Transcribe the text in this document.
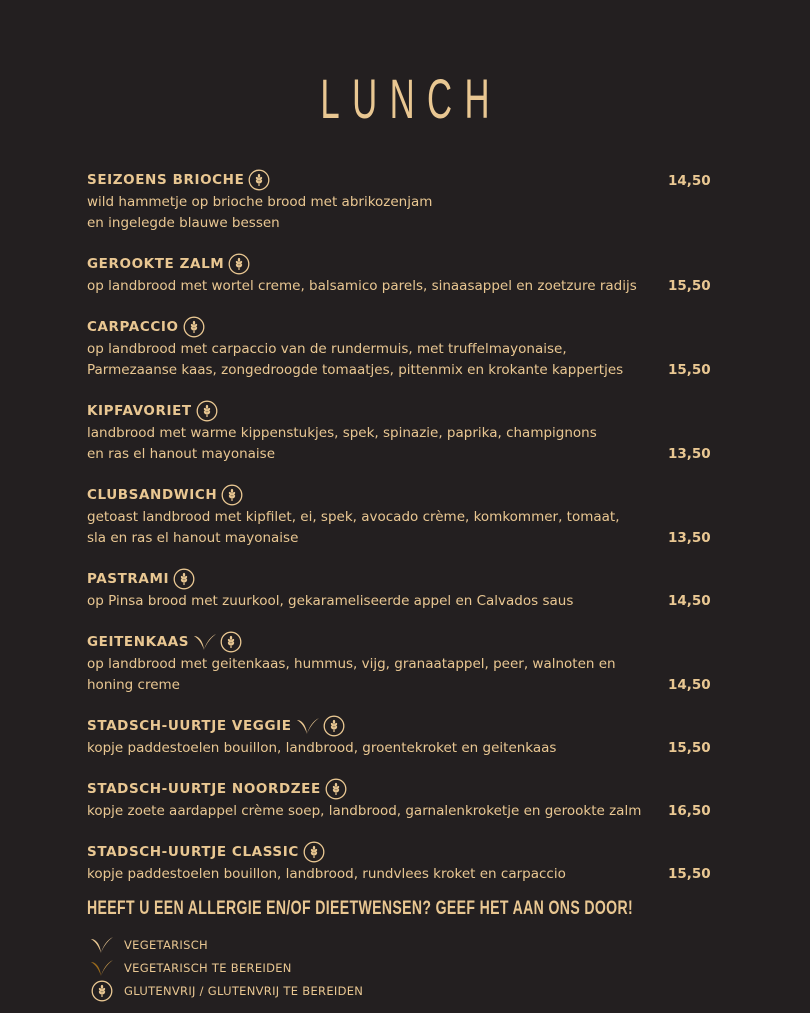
LUNCH
SEIZOENS BRIOCHE
wild hammetje op brioche brood met abrikozenjam
en ingelegde blauwe bessen
14,50
GEROOKTE ZALM
op landbrood met wortel creme, balsamico parels, sinaasappel en zoetzure radijs	15,50
CARPACCIO
op landbrood met carpaccio van de rundermuis, met truffelmayonaise,
Parmezaanse kaas, zongedroogde tomaatjes, pittenmix en krokante kappertjes	15,50
KIPFAVORIET
landbrood met warme kippenstukjes, spek, spinazie, paprika, champignons
en ras el hanout mayonaise	13,50
CLUBSANDWICH
getoast landbrood met kipfilet, ei, spek, avocado crème, komkommer, tomaat,
sla en ras el hanout mayonaise	13,50
PASTRAMI
op Pinsa brood met zuurkool, gekarameliseerde appel en Calvados saus	14,50
GEITENKAAS
op landbrood met geitenkaas, hummus, vijg, granaatappel, peer, walnoten en
honing creme	14,50
STADSCH-UURTJE VEGGIE
kopje paddestoelen bouillon, landbrood, groentekroket en geitenkaas	15,50
STADSCH-UURTJE NOORDZEE
kopje zoete aardappel crème soep, landbrood, garnalenkroketje en gerookte zalm	16,50
STADSCH-UURTJE CLASSIC
kopje paddestoelen bouillon, landbrood, rundvlees kroket en carpaccio	15,50
HEEFT U EEN ALLERGIE EN/OF DIEETWENSEN? GEEF HET AAN ONS DOOR!
VEGETARISCH
VEGETARISCH TE BEREIDEN
GLUTENVRIJ / GLUTENVRIJ TE BEREIDEN
